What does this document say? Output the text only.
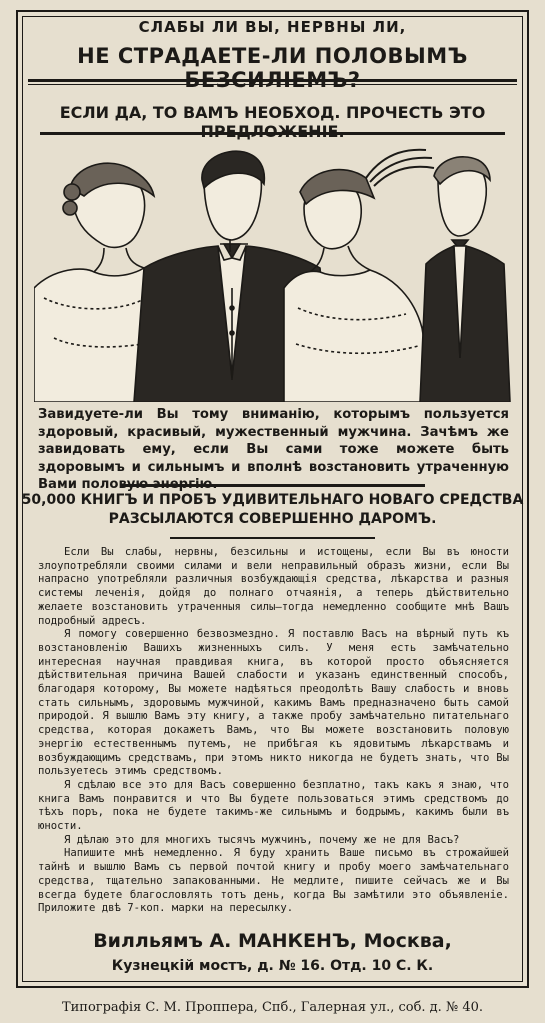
СЛАБЫ ЛИ ВЫ, НЕРВНЫ ЛИ,
НЕ СТРАДАЕТЕ-ЛИ ПОЛОВЫМЪ БЕЗСИЛІЕМЪ?
ЕСЛИ ДА, ТО ВАМЪ НЕОБХОД. ПРОЧЕСТЬ ЭТО ПРЕДЛОЖЕНІЕ.
Завидуете-ли Вы тому вниманію, которымъ пользуется здоровый, красивый, мужественный мужчина. Зачѣмъ же завидовать ему, если Вы сами тоже можете быть здоровымъ и сильнымъ и вполнѣ возстановить утраченную Вами половую энергію.
50,000 КНИГЪ И ПРОБЪ УДИВИТЕЛЬНАГО НОВАГО СРЕДСТВА
РАЗСЫЛАЮТСЯ СОВЕРШЕННО ДАРОМЪ.

Если Вы слабы, нервны, безсильны и истощены, если Вы въ юности злоупотребляли своими силами и вели неправильный образъ жизни, если Вы напрасно употребляли различныя возбуждающія средства, лѣкарства и разныя системы леченія, дойдя до полнаго отчаянія, а теперь дѣйствительно желаете возстановить утраченныя силы—тогда немедленно сообщите мнѣ Вашъ подробный адресъ.

Я помогу совершенно безвозмездно. Я поставлю Васъ на вѣрный путь къ возстановленію Вашихъ жизненныхъ силъ. У меня есть замѣчательно интересная научная правдивая книга, въ которой просто объясняется дѣйствительная причина Вашей слабости и указанъ единственный способъ, благодаря которому, Вы можете надѣяться преодолѣть Вашу слабость и вновь стать сильнымъ, здоровымъ мужчиной, какимъ Вамъ предназначено быть самой природой. Я вышлю Вамъ эту книгу, а также пробу замѣчательно питательнаго средства, которая докажетъ Вамъ, что Вы можете возстановить половую энергію естественнымъ путемъ, не прибѣгая къ ядовитымъ лѣкарствамъ и возбуждающимъ средствамъ, при этомъ никто никогда не будетъ знать, что Вы пользуетесь этимъ средствомъ.

Я сдѣлаю все это для Васъ совершенно безплатно, такъ какъ я знаю, что книга Вамъ понравится и что Вы будете пользоваться этимъ средствомъ до тѣхъ поръ, пока не будете такимъ-же сильнымъ и бодрымъ, какимъ были въ юности.

Я дѣлаю это для многихъ тысячъ мужчинъ, почему же не для Васъ?

Напишите мнѣ немедленно. Я буду хранить Ваше письмо въ строжайшей тайнѣ и вышлю Вамъ съ первой почтой книгу и пробу моего замѣчательнаго средства, тщательно запакованными. Не медлите, пишите сейчасъ же и Вы всегда будете благословлять тотъ день, когда Вы замѣтили это объявленіе. Приложите двѣ 7-коп. марки на пересылку.

Вилльямъ А. МАНКЕНЪ, Москва,
Кузнецкій мостъ, д. № 16. Отд. 10 С. К.
Типографія С. М. Проппера, Спб., Галерная ул., соб. д. № 40.
